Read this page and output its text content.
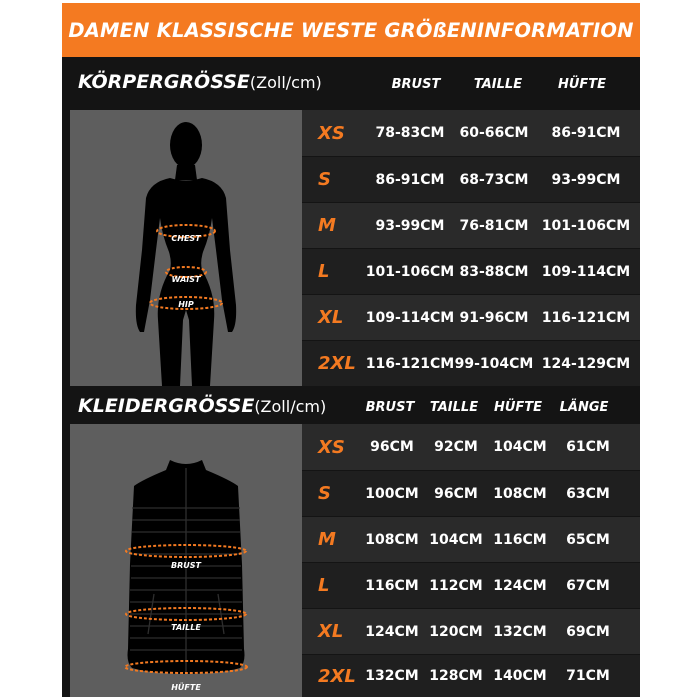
DAMEN KLASSISCHE WESTE GRÖßENINFORMATION
KÖRPERGRÖSSE(Zoll/cm)	BRUST	TAILLE	HÜFTE
CHEST
WAIST
HIP
XS	78-83CM	60-66CM	86-91CM
S	86-91CM	68-73CM	93-99CM
M	93-99CM	76-81CM 101-106CM
L	101-106CM 83-88CM 109-114CM
XL	109-114CM 91-96CM 116-121CM
2XL 116-121CM 99-104CM 124-129CM
KLEIDERGRÖSSE(Zoll/cm)	BRUST	TAILLE	HÜFTE	LÄNGE
BRUST
TAILLE
HÜFTE
XS	96CM	92CM	104CM	61CM
S	100CM	96CM	108CM	63CM
M	108CM 104CM 116CM	65CM
L	116CM 112CM 124CM	67CM
XL	124CM 120CM 132CM	69CM
2XL 132CM 128CM 140CM	71CM
